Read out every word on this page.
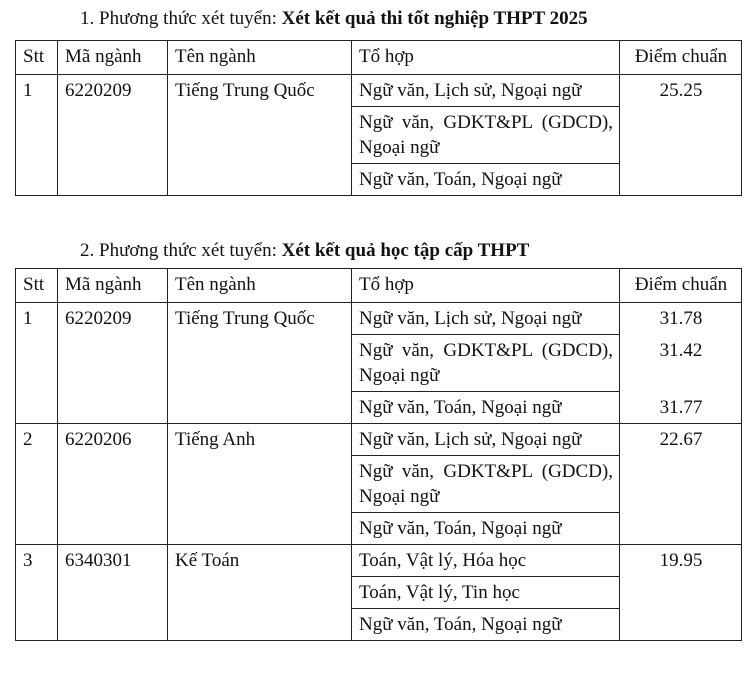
1. Phương thức xét tuyển: Xét kết quả thi tốt nghiệp THPT 2025
Stt	Mã ngành	Tên ngành	Tổ hợp	Điểm chuẩn
1	6220209	Tiếng Trung Quốc	Ngữ văn, Lịch sử, Ngoại ngữ	25.25
			Ngữ văn, GDKT&PL (GDCD), Ngoại ngữ	
			Ngữ văn, Toán, Ngoại ngữ	
2. Phương thức xét tuyển: Xét kết quả học tập cấp THPT
Stt	Mã ngành	Tên ngành	Tổ hợp	Điểm chuẩn
1	6220209	Tiếng Trung Quốc	Ngữ văn, Lịch sử, Ngoại ngữ	31.78
			Ngữ văn, GDKT&PL (GDCD), Ngoại ngữ	31.42
			Ngữ văn, Toán, Ngoại ngữ	31.77
2	6220206	Tiếng Anh	Ngữ văn, Lịch sử, Ngoại ngữ	22.67
			Ngữ văn, GDKT&PL (GDCD), Ngoại ngữ	
			Ngữ văn, Toán, Ngoại ngữ	
3	6340301	Kế Toán	Toán, Vật lý, Hóa học	19.95
			Toán, Vật lý, Tin học	
			Ngữ văn, Toán, Ngoại ngữ	
